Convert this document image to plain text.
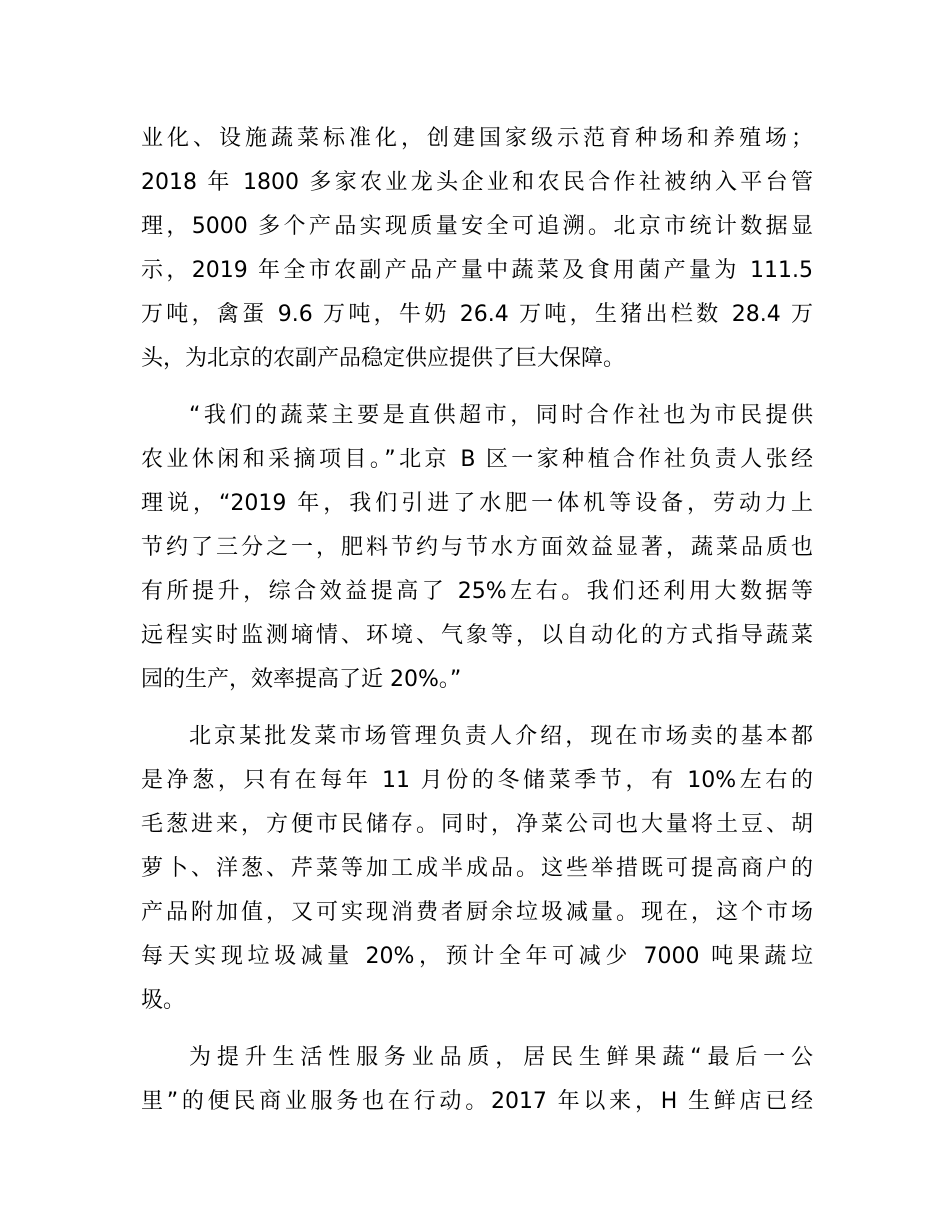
业化、设施蔬菜标准化，创建国家级示范育种场和养殖场；
2018 年 1800 多家农业龙头企业和农民合作社被纳入平台管
理，5000 多个产品实现质量安全可追溯。北京市统计数据显
示，2019 年全市农副产品产量中蔬菜及食用菌产量为 111.5
万吨，禽蛋 9.6 万吨，牛奶 26.4 万吨，生猪出栏数 28.4 万
头，为北京的农副产品稳定供应提供了巨大保障。
“我们的蔬菜主要是直供超市，同时合作社也为市民提供
农业休闲和采摘项目。”北京 B 区一家种植合作社负责人张经
理说，“2019 年，我们引进了水肥一体机等设备，劳动力上
节约了三分之一，肥料节约与节水方面效益显著，蔬菜品质也
有所提升，综合效益提高了 25%左右。我们还利用大数据等
远程实时监测墒情、环境、气象等，以自动化的方式指导蔬菜
园的生产，效率提高了近 20%。”
北京某批发菜市场管理负责人介绍，现在市场卖的基本都
是净葱，只有在每年 11 月份的冬储菜季节，有 10%左右的
毛葱进来，方便市民储存。同时，净菜公司也大量将土豆、胡
萝卜、洋葱、芹菜等加工成半成品。这些举措既可提高商户的
产品附加值，又可实现消费者厨余垃圾减量。现在，这个市场
每天实现垃圾减量 20%，预计全年可减少 7000 吨果蔬垃
圾。
为提升生活性服务业品质，居民生鲜果蔬“最后一公
里”的便民商业服务也在行动。2017 年以来，H 生鲜店已经
